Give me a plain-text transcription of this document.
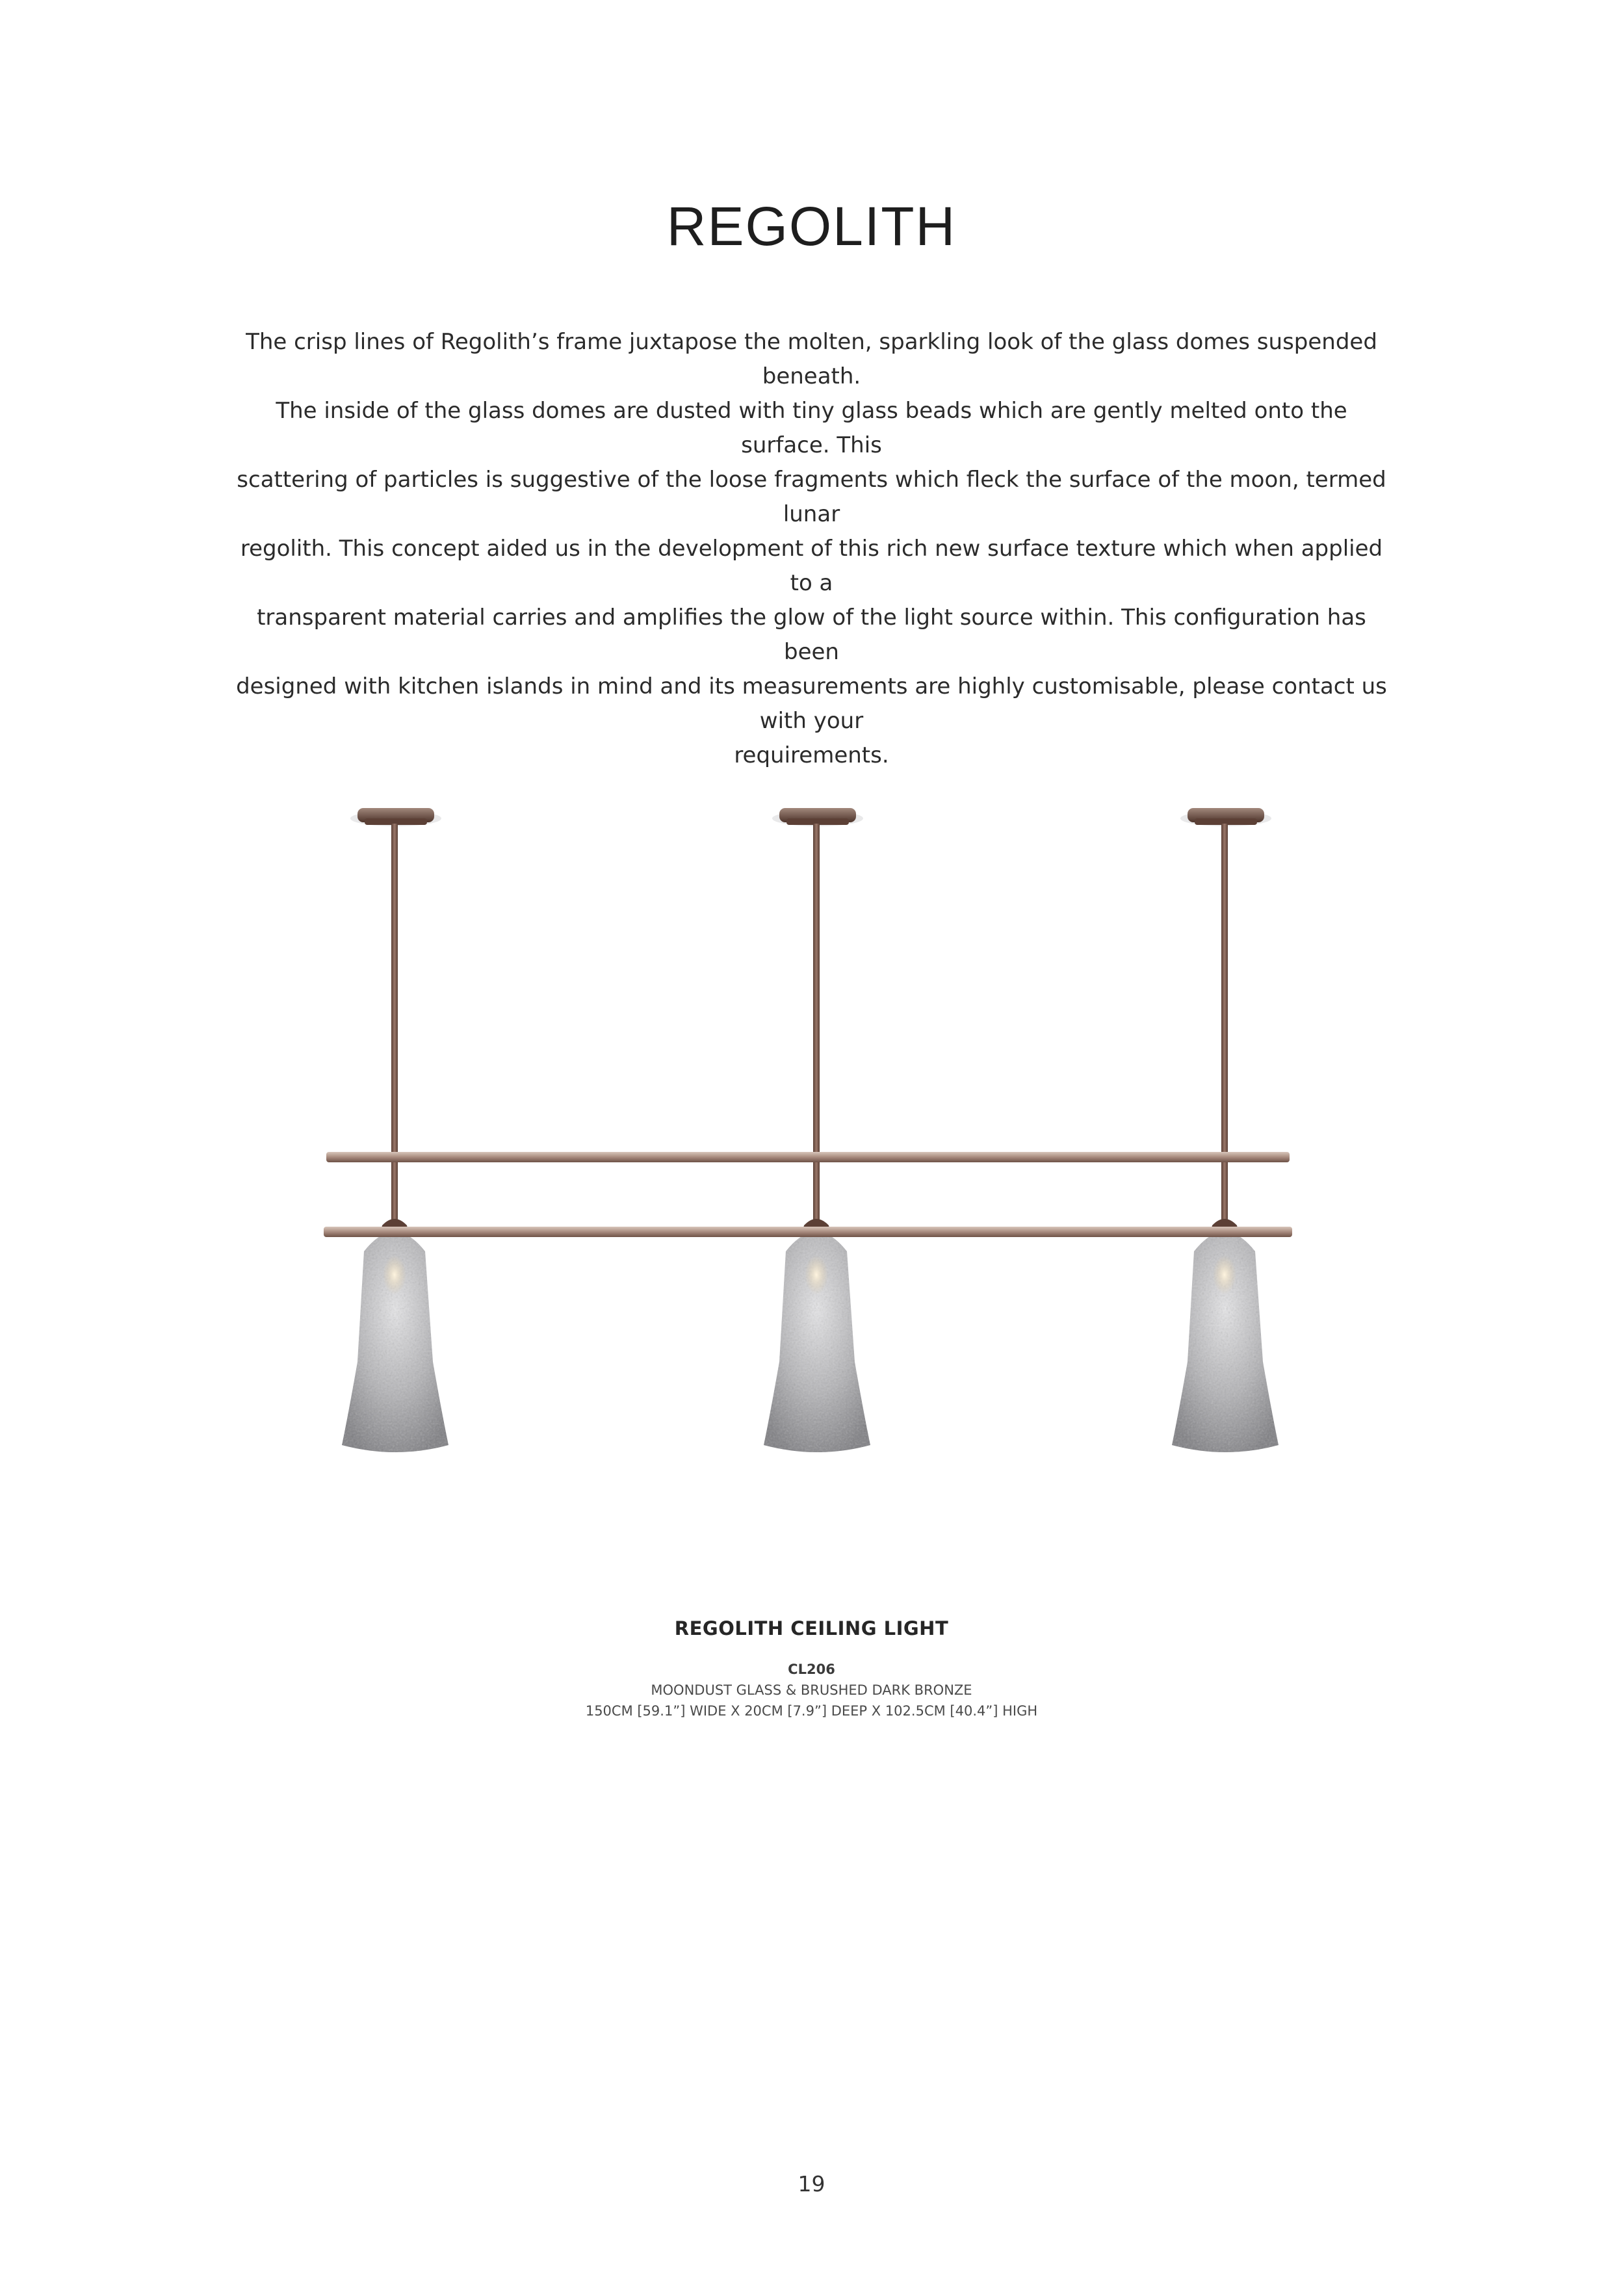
REGOLITH

The crisp lines of Regolith’s frame juxtapose the molten, sparkling look of the glass domes suspended beneath.
The inside of the glass domes are dusted with tiny glass beads which are gently melted onto the surface. This
scattering of particles is suggestive of the loose fragments which fleck the surface of the moon, termed lunar
regolith. This concept aided us in the development of this rich new surface texture which when applied to a
transparent material carries and amplifies the glow of the light source within. This configuration has been
designed with kitchen islands in mind and its measurements are highly customisable, please contact us with your
requirements.

REGOLITH CEILING LIGHT

CL206

MOONDUST GLASS & BRUSHED DARK BRONZE

150CM [59.1”] WIDE X 20CM [7.9”] DEEP X 102.5CM [40.4”] HIGH

19
